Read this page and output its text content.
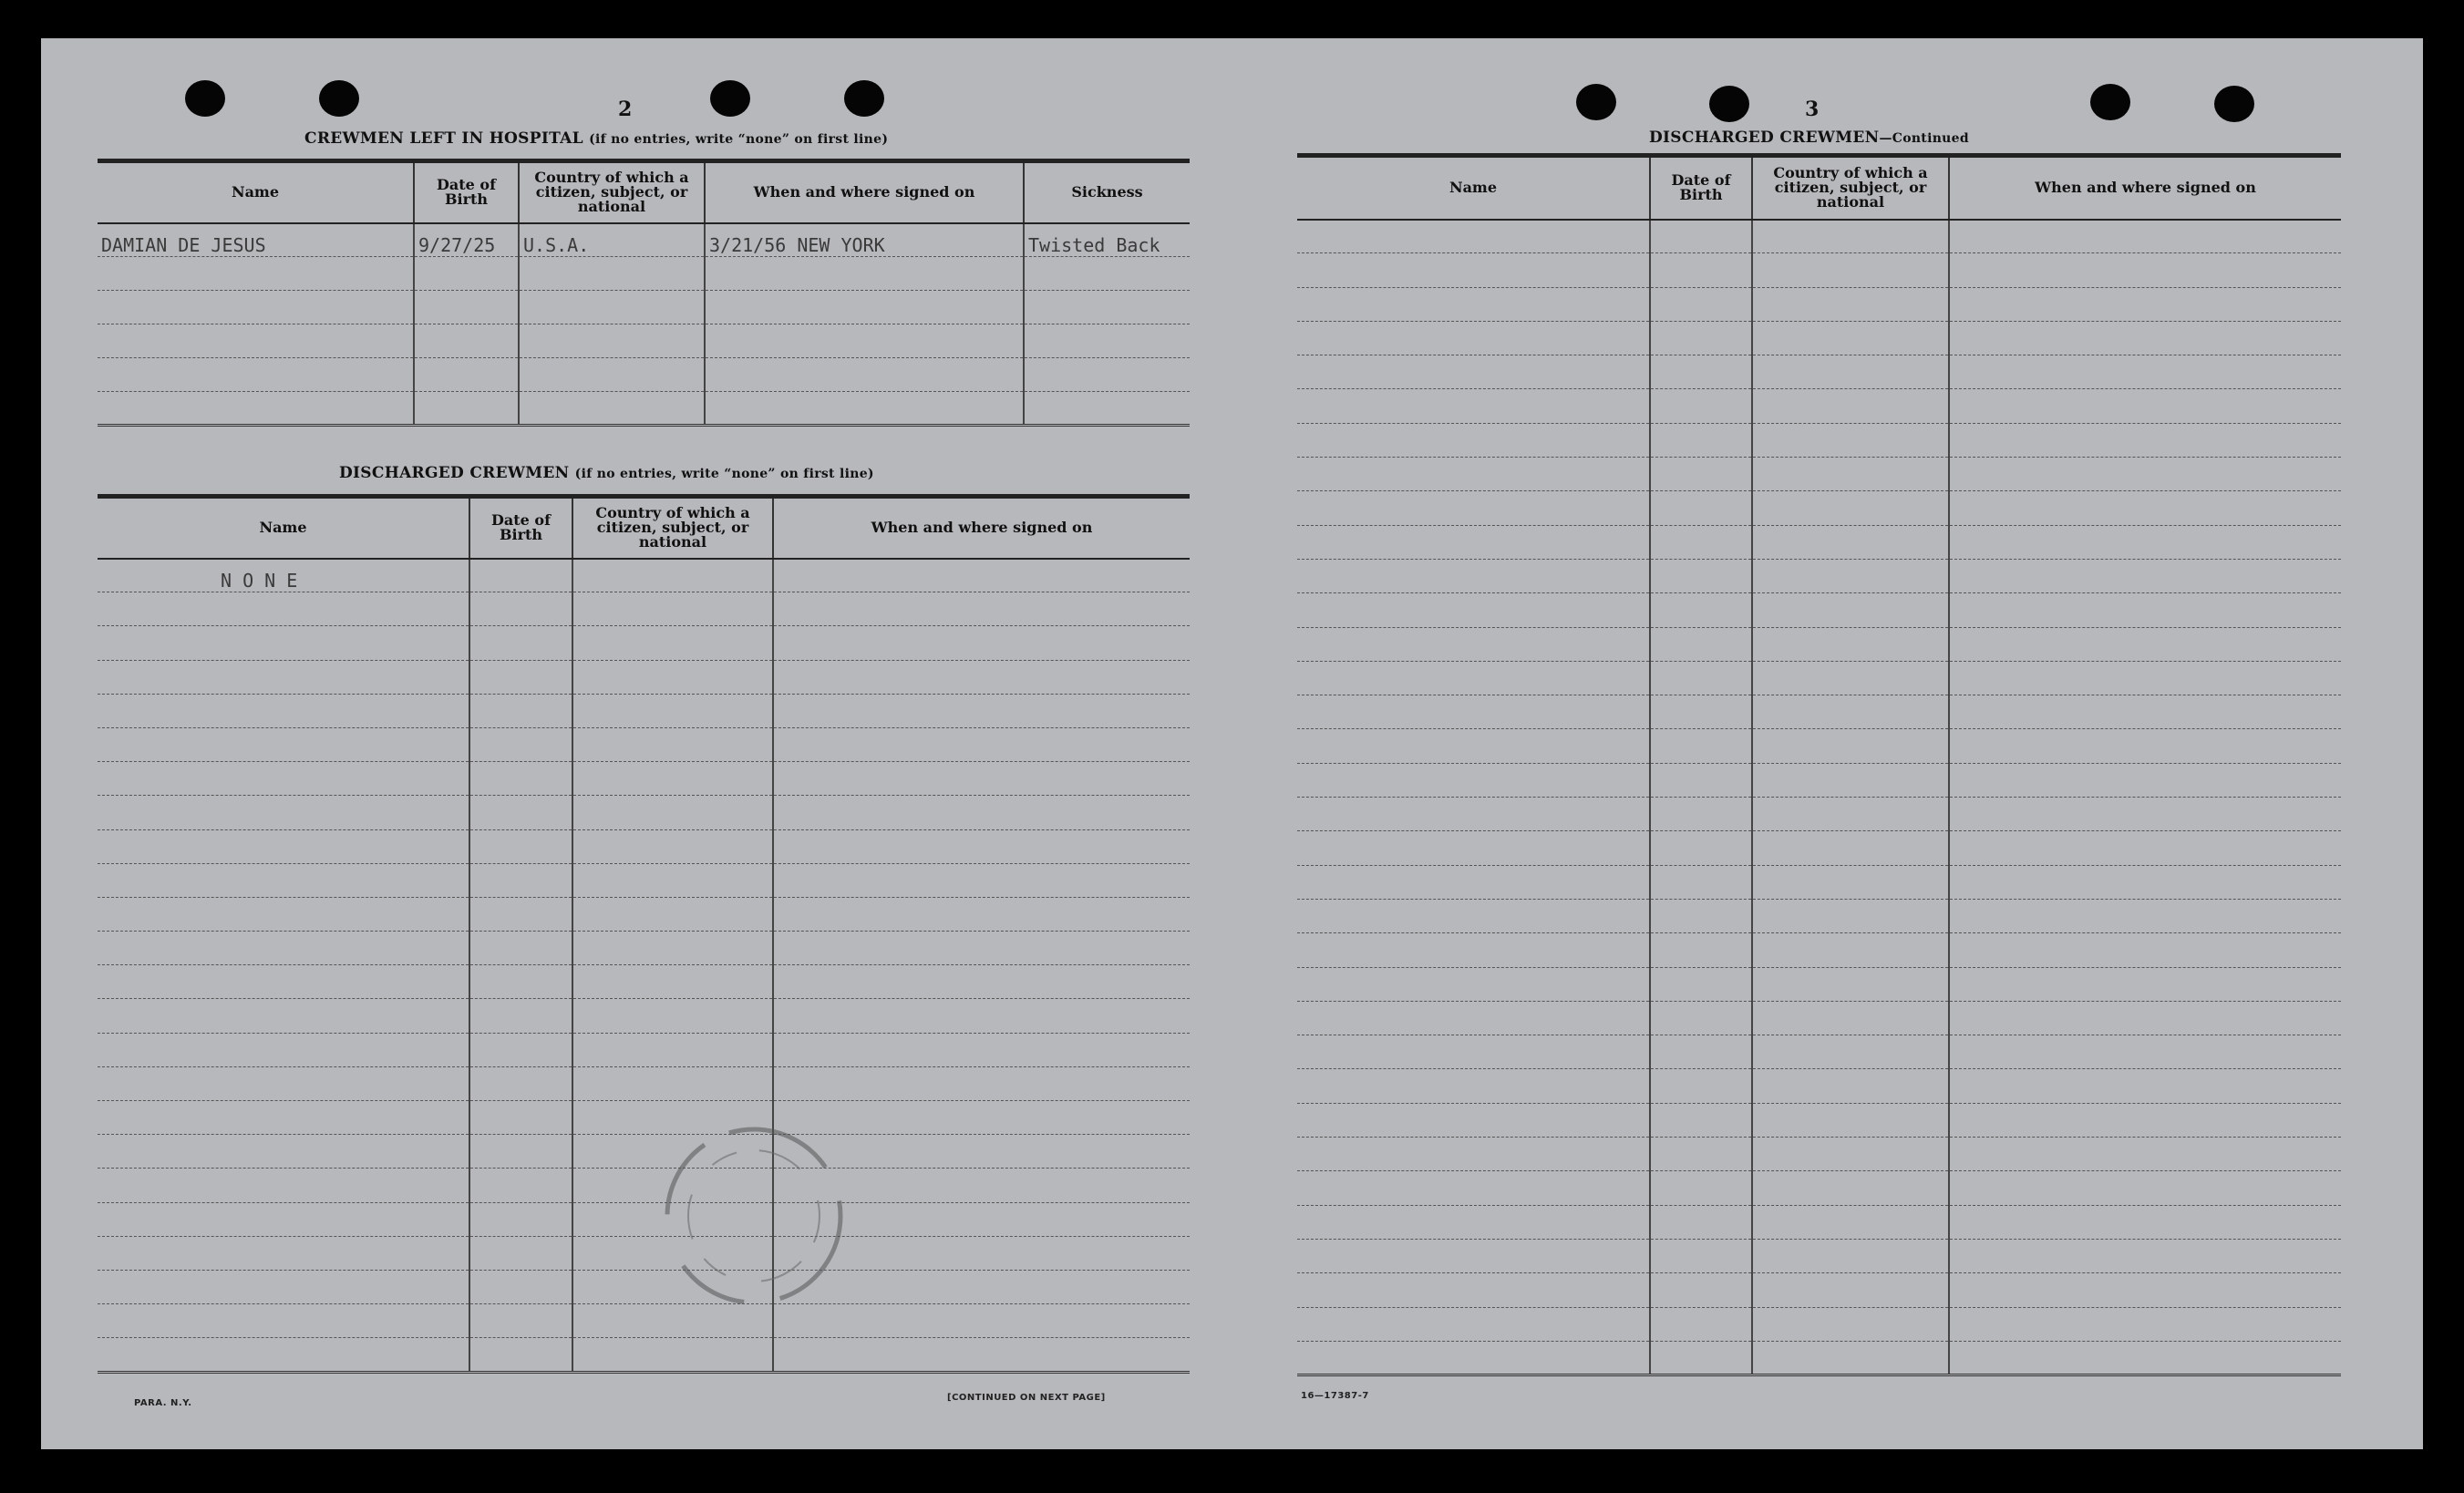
2
CREWMEN LEFT IN HOSPITAL (if no entries, write “none” on first line)
Name	Date of Birth	Country of which a citizen, subject, or national	When and where signed on	Sickness
DAMIAN DE JESUS	9/27/25	U.S.A.	3/21/56 NEW YORK	Twisted Back

DISCHARGED CREWMEN (if no entries, write “none” on first line)
Name	Date of Birth	Country of which a citizen, subject, or national	When and where signed on
N O N E			

PARA. N.Y.
[CONTINUED ON NEXT PAGE]
3
DISCHARGED CREWMEN—Continued
Name	Date of Birth	Country of which a citizen, subject, or national	When and where signed on

16—17387-7
